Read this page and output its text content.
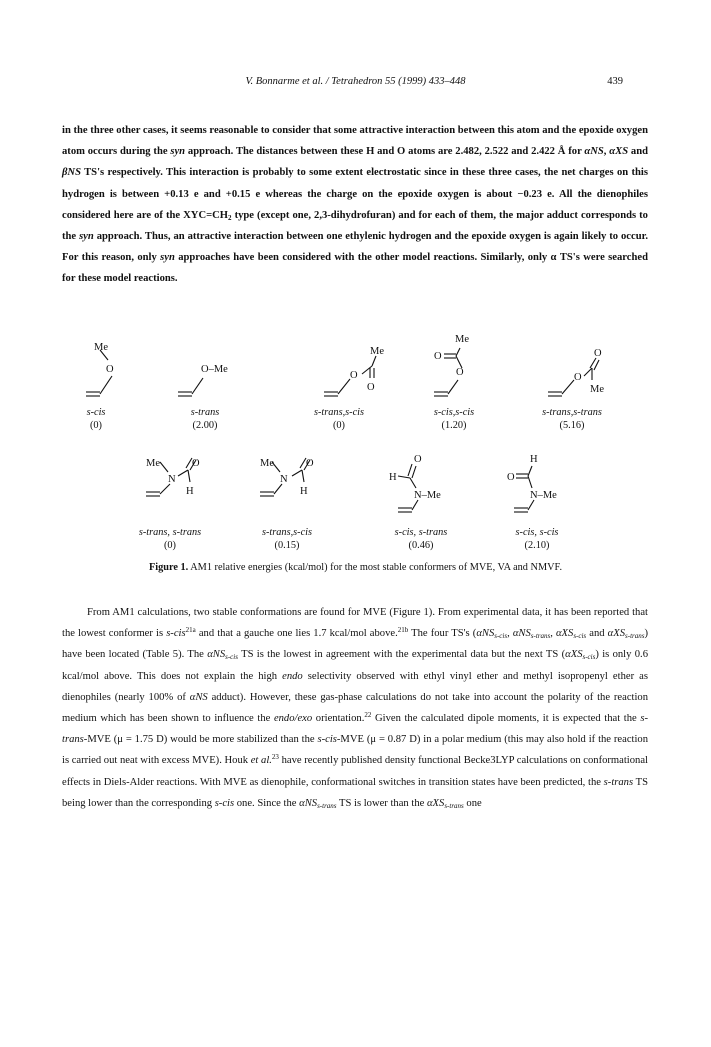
V. Bonnarme et al. / Tetrahedron 55 (1999) 433–448	439

in the three other cases, it seems reasonable to consider that some attractive interaction between this atom and the epoxide oxygen atom occurs during the syn approach. The distances between these H and O atoms are 2.482, 2.522 and 2.422 Å for αNS, αXS and βNS TS's respectively. This interaction is probably to some extent electrostatic since in these three cases, the net charges on this hydrogen is between +0.13 e and +0.15 e whereas the charge on the epoxide oxygen is about −0.23 e. All the dienophiles considered here are of the $XYC=CH_2$ type (except one, 2,3-dihydrofuran) and for each of them, the major adduct corresponds to the syn approach. Thus, an attractive interaction between one ethylenic hydrogen and the epoxide oxygen is again likely to occur. For this reason, only syn approaches have been considered with the other model reactions. Similarly, only α TS's were searched for these model reactions.

Me
O	O–Me
O
O
Me
O
O
Me
O
O
Me
Me
N
O
H
Me
N
O
H
O
H
N–Me
H
O
N–Me
s-cis
(0)
s-trans
(2.00)
s-trans,s-cis
(0)
s-cis,s-cis
(1.20)
s-trans,s-trans
(5.16)
s-trans, s-trans
(0)
s-trans,s-cis
(0.15)
s-cis, s-trans
(0.46)
s-cis, s-cis
(2.10)
Figure 1. AM1 relative energies (kcal/mol) for the most stable conformers of MVE, VA and NMVF.

From AM1 calculations, two stable conformations are found for MVE (Figure 1). From experimental data, it has been reported that the lowest conformer is s-cis$^{21a}$ and that a gauche one lies 1.7 kcal/mol above.$^{21b}$ The four TS's (αNS$_{s-cis}$, αNS$_{s-trans}$, αXS$_{s-cis}$ and αXS$_{s-trans}$) have been located (Table 5). The αNS$_{s-cis}$ TS is the lowest in agreement with the experimental data but the next TS (αXS$_{s-cis}$) is only 0.6 kcal/mol above. This does not explain the high endo selectivity observed with ethyl vinyl ether and methyl isopropenyl ether as dienophiles (nearly 100% of αNS adduct). However, these gas-phase calculations do not take into account the polarity of the reaction medium which has been shown to influence the endo/exo orientation.$^{22}$ Given the calculated dipole moments, it is expected that the s-trans-MVE (μ = 1.75 D) would be more stabilized than the s-cis-MVE (μ = 0.87 D) in a polar medium (this may also hold if the reaction is carried out neat with excess MVE). Houk et al.$^{23}$ have recently published density functional Becke3LYP calculations on conformational effects in Diels-Alder reactions. With MVE as dienophile, conformational switches in transition states have been predicted, the s-trans TS being lower than the corresponding s-cis one. Since the αNS$_{s-trans}$ TS is lower than the αXS$_{s-trans}$ one
